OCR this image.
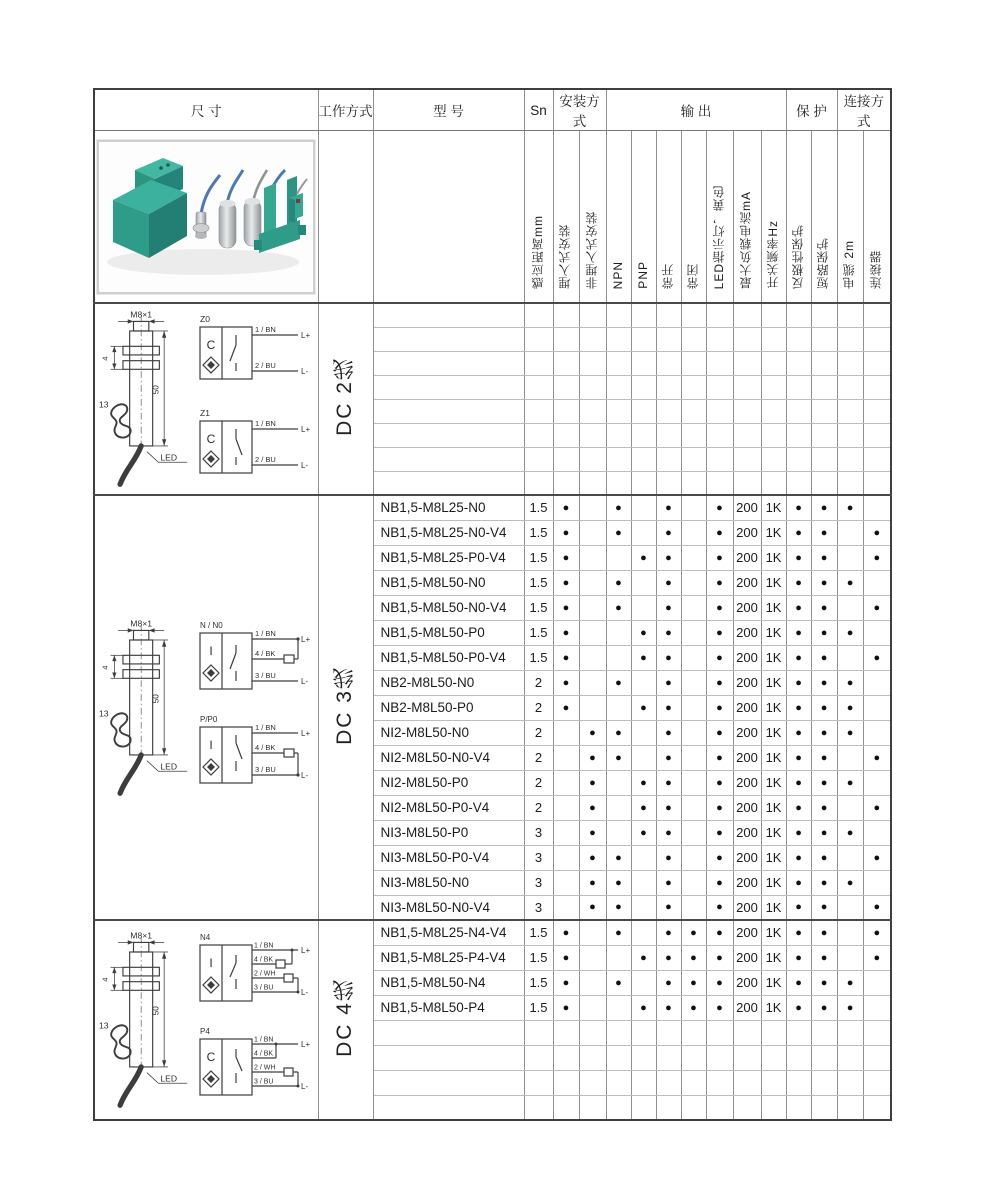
尺 寸	工作方式	型 号	Sn	安装方式		输 出							保 护		连接方式	

			感应距离mm	埋入式安装	非埋入式安装	NPN	PNP	常开	常闭	LED指示灯，黄色	最大负载电流mA	开关频率Hz	反极性保护	短路保护	电缆 2m	连接器

M8×1
4
13
50
LED
Z0
C
1 / BN
2 / BU
L+
L-
Z1
C
1 / BN
2 / BU
L+
L-
	DC 2线															

M8×1
4
13
50
LED
N / N0
I
1 / BN
4 / BK
3 / BU
L+
L-
P/P0
I
1 / BN
4 / BK
3 / BU
L+
L-
	DC 3线	NB1,5-M8L25-N0	1.5	●		●		●		●	200	1K	●	●	●	
		NB1,5-M8L25-N0-V4	1.5	●		●		●		●	200	1K	●	●		●
		NB1,5-M8L25-P0-V4	1.5	●			●	●		●	200	1K	●	●		●
		NB1,5-M8L50-N0	1.5	●		●		●		●	200	1K	●	●	●	
		NB1,5-M8L50-N0-V4	1.5	●		●		●		●	200	1K	●	●		●
		NB1,5-M8L50-P0	1.5	●			●	●		●	200	1K	●	●	●	
		NB1,5-M8L50-P0-V4	1.5	●			●	●		●	200	1K	●	●		●
		NB2-M8L50-N0	2	●		●		●		●	200	1K	●	●	●	
		NB2-M8L50-P0	2	●			●	●		●	200	1K	●	●	●	
		NI2-M8L50-N0	2		●	●		●		●	200	1K	●	●	●	
		NI2-M8L50-N0-V4	2		●	●		●		●	200	1K	●	●		●
		NI2-M8L50-P0	2		●		●	●		●	200	1K	●	●	●	
		NI2-M8L50-P0-V4	2		●		●	●		●	200	1K	●	●		●
		NI3-M8L50-P0	3		●		●	●		●	200	1K	●	●	●	
		NI3-M8L50-P0-V4	3		●	●		●		●	200	1K	●	●		●
		NI3-M8L50-N0	3		●	●		●		●	200	1K	●	●	●	
		NI3-M8L50-N0-V4	3		●	●		●		●	200	1K	●	●		●

M8×1
4
13
50
LED
N4
I
1 / BN
4 / BK
2 / WH
3 / BU
L+
L-
P4
C
1 / BN
4 / BK
2 / WH
3 / BU
L+
L-
	DC 4线	NB1,5-M8L25-N4-V4	1.5	●		●		●	●	●	200	1K	●	●		●
		NB1,5-M8L25-P4-V4	1.5	●			●	●	●	●	200	1K	●	●		●
		NB1,5-M8L50-N4	1.5	●		●		●	●	●	200	1K	●	●	●	
		NB1,5-M8L50-P4	1.5	●			●	●	●	●	200	1K	●	●	●	
